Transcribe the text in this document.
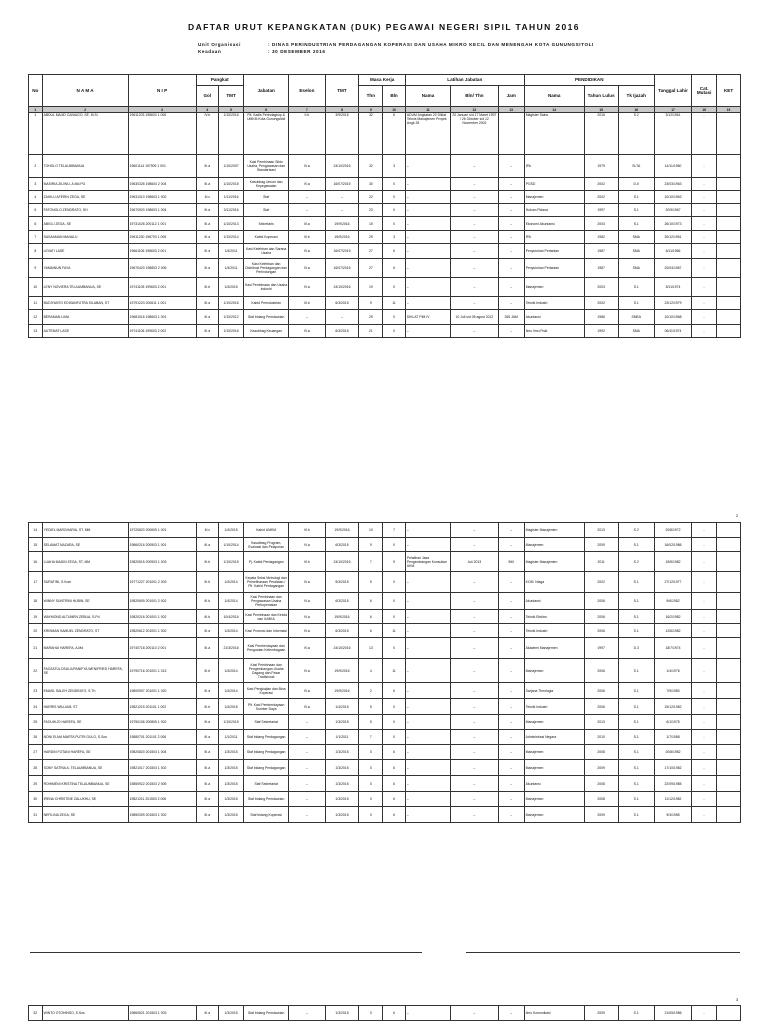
DAFTAR URUT KEPANGKATAN (DUK) PEGAWAI NEGERI SIPIL TAHUN 2016
Unit Organisasi	: DINAS PERINDUSTRIAN PERDAGANGAN KOPERASI DAN USAHA MIKRO KECIL DAN MENENGAH KOTA GUNUNGSITOLI
Keadaan	: 30 DESEMBER 2016
No	N A M A	N I P	Pangkat		Jabatan	Eselon	TMT	Masa Kerja		Latihan Jabatan			PENDIDIKAN			Tanggal Lahir	Cat. Mutasi	KET
			Gol	TMT				Thn	Bln	Nama	Bln/ Thn	Jam	Nama	Tahun Lulus	Tk Ijazah			
1	2	3	4	5	6	7	8	9	10	11	12	13	14	15	16	17	18	19
1	ABDUL MAJID CANIAGO, SE, M.Si	19611203 198603 1 006	IV.b	1/10/2016	Plt. Kadis Perindagkop & UMKM Kota Gunungsitoli	II.b	3/9/2016	32	6	ADUM Angkatan 20 Diklat Teknis Manajemen Proyek Angk 28	20 Januari s/d 17 Maret 1997 / 26 Oktober s/d 12 November 2002		Magister Sains	2016	S.2	3/12/1961	..	
2	TOHOLO TELAUMBANUA	19601114 197909 1 001	III.a	1/10/2007	Kasi Pembinaan Sikto Usaha, Pengawasan dan Standarisasi	IV.a	24/10/2016	32	3	–	–	–	IPA	1979	SLTA	14/11/1960	..	
3	MASIRIA ZILIWU, A.Md.PG	19630326 198604 2 004	III.a	1/10/2015	Kasubbag Umum dan Kepegawaian	IV.a	16/07/2015	30	0	–	–	–	PGSD	2002	D-II	23/03/1963	..	
4	ZAHILU AFERIN ZEGA, SE	19631010 198603 1 002	III.c	1/11/2016	Staf	–	–	22	0	–	–	–	Manajemen	2002	S.1	10/10/1963	..	
5	FATONOLO ZENDRATO, SH	19670920 198603 1 004	III.a	3/11/2016	Staf	–	–	23	0	–	–	–	Hukum Pidana	1997	S.1	20/9/1967	..	
6	ABIGLI ZEGA, SE	19731026 200112 1 001	III.a	1/10/2013	Sekretaris	III.a	19/9/2016	15	0	–	–	–	Ekonomi Akuntansi	2003	S.1	26/10/1973	..	
7	SASAAMAN MANALU	19611230 198703 1 005	III.a	1/10/2014	Kabid Koperasi	III.b	15/9/2016	29	3	–	–	–	IPA	1982	SMA	30/12/1961	..	
8	LEVATI LASE	19661106 198603 2 001	III.a	1/4/2011	Kasi Kelehban dan Sarana Usaha	IV.a	16/07/2015	27	6	–	–	–	Penyuluhan Pertanian	1987	SMA	6/11/1966	..	
9	YAMAINUN FAYA	19670420 198803 2 006	III.a	1/4/2011	Kasi Kelehban dan Distribusi Perdagangan dan Perlindungan	IV.a	16/07/2015	27	6	–	–	–	Penyuluhan Pertanian	1987	SMA	20/04/1967	..	
10	LENY NOVIERA TELAUMBANUA, SE	19741105 199603 2 001	III.b	1/4/2015	Kasi Pembinaan dan Usaha Industri	IV.a	24/10/2016	19	0	–	–	–	Manajemen	2003	S.1	5/11/1974	..	
11	BUDIYANTO EDISANFUTRA SILABAN, ST	19791223 200611 1 001	III.a	1/10/2016	Kabid Perindustrian	III.b	6/3/2015	9	11	–	–	–	Teknik Industri	2002	S.1	23/12/1979	..	
12	BERAMAN LIMA	19681016 198603 1 001	III.a	1/10/2012	Staf bidang Pemdaurian	–	–	29	0	DIKLAT PIM IV	10 Juli s/d 08 agust 2012	265 JAM	Akuntansi	1986	SMEA	10/10/1968	..	
13	AUTEMAT LASE	19741106 199603 2 002	III.a	1/10/2016	Kasubbag Keuangan	IV.a	6/3/2015	21	0	–	–	–	Ilmu Ilmu Fisik	1992	SMA	06/11/1974	..	
2
14	YEDIEL MARGHARIA, ST, MM	19720820 200605 1 001	III.c	1/4/2015	Kabid UMKM	III.b	19/9/2016	10	7	–	–	–	Magister Manajemen	2013	S.2	20/8/1972	..	
15	SELAMAT NAZARA, SE	19860216 200903 1 001	III.a	1/10/2014	Kasubbag Program, Evaluasi dan Pelaporan	IV.a	6/3/2015	9	0	–	–	–	Manajemen	2009	S.1	16/02/1986	..	
16	LUAHA MADIN ZEGA, ST, MM	19820515 200903 1 003	III.b	1/10/2015	Pj. Kabid Perdagangan	III.b	24/10/2016	7	9	Pelatihan Jasa Pengembangan Konsultan UKM	Juli 2013	960	Magister Manajemen	2011	S.2	15/5/1982	..	
17	SURATINI, S.Kom	19771227 201001 2 003	III.b	1/4/2014	Kepala Seksi Metrologi dan Pemeliharaan Peralatan / Plt. Kabid Perdagangan	IV.a	5/3/2015	5	0	–	–	–	KOM. Niaga	2002	S.1	27/12/1977	..	
18	WINNY SUNTRINI HUBIN, SE	19820609 201001 2 002	III.b	1/4/2014	Kasi Pembinaan dan Pengawasan Usaha Perkoperasian	IV.a	6/3/2015	6	0	–	–	–	Akuntansi	2006	S.1	9/6/1982	..	
19	WAYMOND ALTUMEN ZEBUA, S.Pd	19820216 201001 1 002	III.b	10/4/2016	Kasi Pembinaan dan Kelola dan IUMKA	IV.a	19/9/2016	6	0	–	–	–	Teknik Elektro	2006	S.1	16/2/1982	..	
20	KRISMAN SAMUEL ZENDRATO, ST	19820612 201001 1 002	III.a	1/4/2014	Kasi Promosi dan Informasi	IV.a	6/3/2015	6	11	–	–	–	Teknik Industri	2006	S.1	12/6/1982	..	
21	MARAHAI HAREFA, A.Md	19740718 200110 2 001	III.a	21/3/2016	Kasi Pemberdayaan dan Penguatan Kelembagaan	IV.a	24/10/2016	13	0	–	–	–	Akademi Manajemen	1997	D.3	18/7/1974	..	
22	FAOZATULOSULIUPANIFYA WENIFRIED HAREFA, SE	19790716 201001 1 013	III.b	1/4/2014	Kasi Pembinaan dan Pengembangan Usaha Dagang dan Pasar Tradisional	IV.a	19/9/2016	4	11	–	–	–	Manajemen	2006	S.1	1/4/1976	..	
23	EMASL SALEH ZENDRATO, S.Th	19800907 201001 1 020	III.a	1/4/2014	Kasi Pengkajian dan Bina Koperasi	IV.a	19/9/2016	2	6	–	–	–	Sarjana Theologia	2006	S.1	7/9/1980	..	
24	HARRIS WILLIAM, ST	19821215 201101 1 002	III.b	1/4/2015	Plt. Kasi Pemberdayaan Sumber Daya	IV.a	1/4/2015	5	0	–	–	–	Teknik Industri	2006	S.1	15/12/1982	..	
25	FAOUHIJO HAREFA, SE	19750106 200805 1 002	III.a	1/10/2015	Staf Sekretariat	–	1/3/2015	5	0	–	–	–	Manajemen	2013	S.1	6/1/1975	..	
26	NONI ELMA MARTA PUTRI GULO, S.Sos	19880701 201101 2 006	III.a	1/1/2011	Staf bidang Perdagangan	–	1/1/2011	7	0	–	–	–	Administrasi Negara	2010	S.1	1/7/1988	..	
27	HARDIN FOTANI HAREFA, SE	19820820 201503 1 004	III.a	1/3/2015	Staf bidang Perdagangan	–	1/3/2015	0	6	–	–	–	Manajemen	2008	S.1	20/8/1982	..	
28	SOBY SATRIA A. TELAUMBANUA, SE	19821017 201503 1 002	III.a	1/3/2015	Staf bidang Perdagangan	–	1/3/2015	0	6	–	–	–	Manajemen	2009	S.1	17/10/1982	..	
29	ROHIMENI KRISTINA TELAUMBANUA, SE	19850922 201503 2 005	III.a	1/3/2015	Staf Sekretariat	–	1/3/2015	0	6	–	–	–	Akuntansi	2008	S.1	22/09/1985	..	
30	IRENA CHRISTINE ZALUKHU, SE	19821211 201503 2 006	III.a	1/3/2015	Staf bidang Pemdaurian	–	1/3/2015	0	6	–	–	–	Manajemen	2008	S.1	11/12/1982	..	
31	NEFILINA ZEGA, SE	19850309 201503 1 002	III.a	1/3/2015	Staf bidang Koperasi	–	1/3/2015	0	6	–	–	–	Manajemen	2009	S.1	9/3/1985	..	
3
32	WINTO OTOHINSO, S.Sos	19860521 201503 1 003	III.a	1/3/2015	Staf bidang Pemdaurian	–	1/3/2015	0	6	–	–	–	Ilmu Komunikasi	2009	S.1	21/05/1986	..	
